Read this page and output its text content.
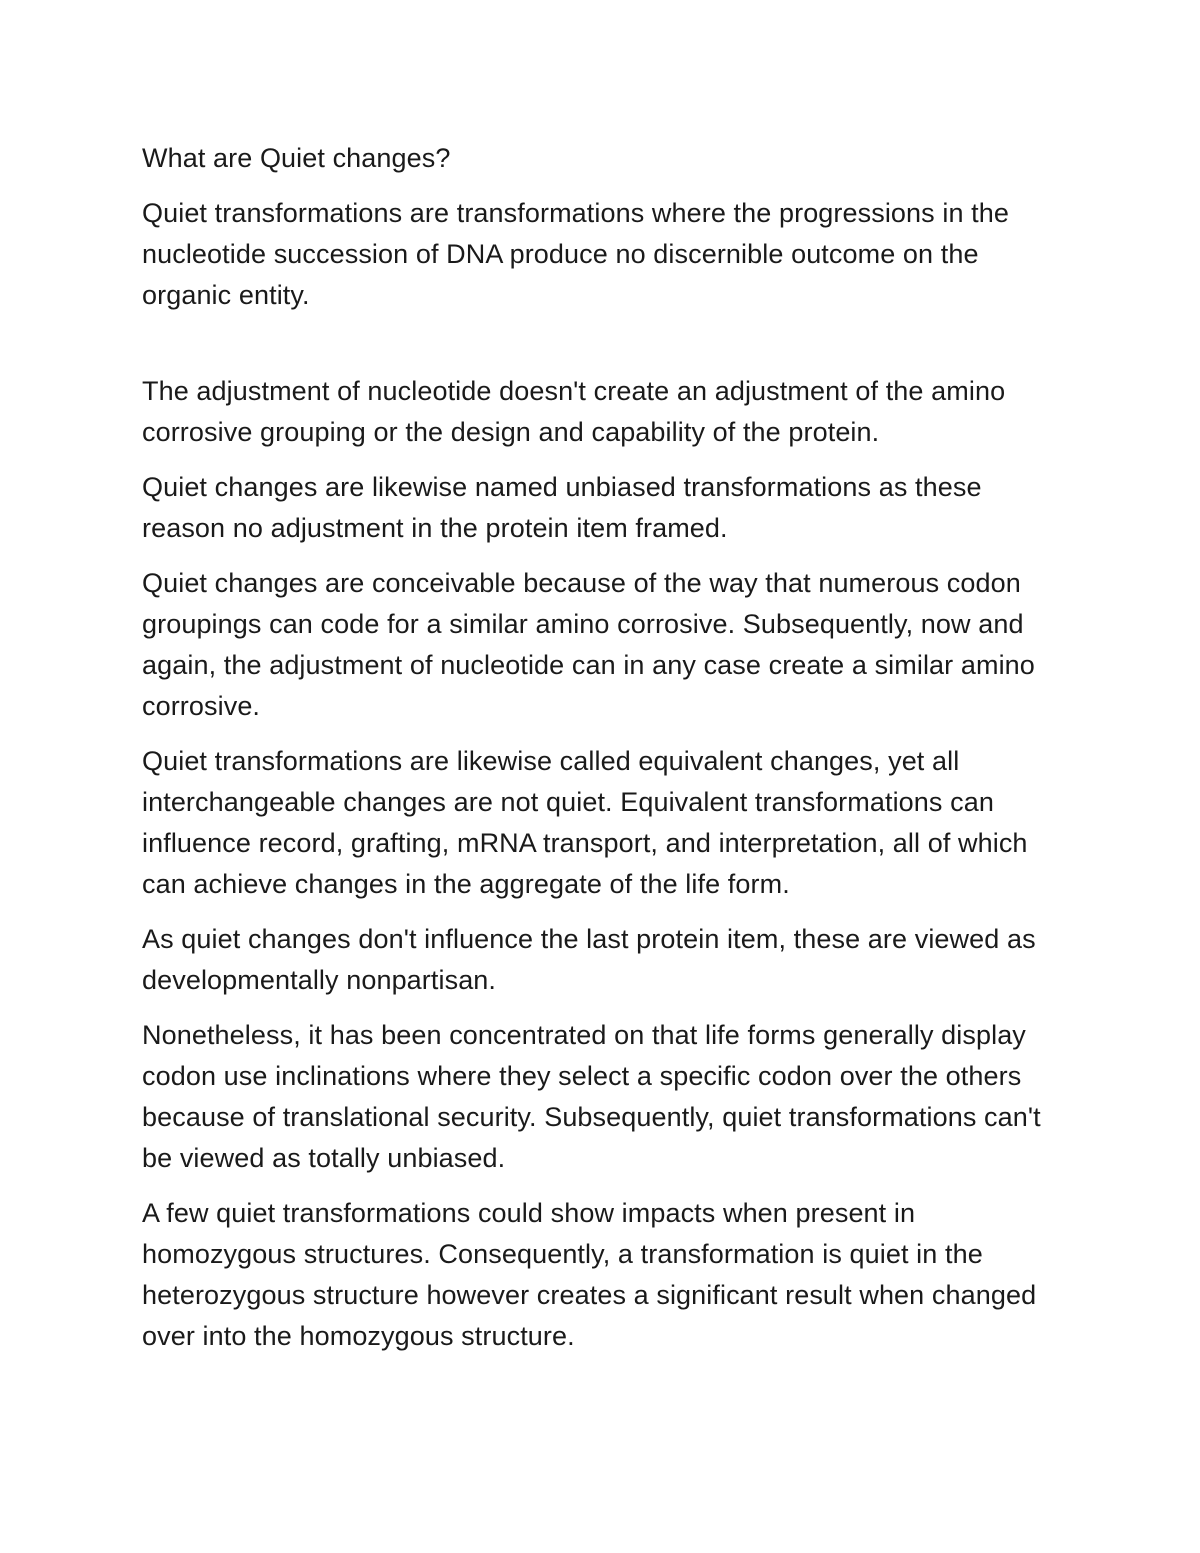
What are Quiet changes?

Quiet transformations are transformations where the progressions in the nucleotide succession of DNA produce no discernible outcome on the organic entity.

The adjustment of nucleotide doesn't create an adjustment of the amino corrosive grouping or the design and capability of the protein.

Quiet changes are likewise named unbiased transformations as these reason no adjustment in the protein item framed.

Quiet changes are conceivable because of the way that numerous codon groupings can code for a similar amino corrosive. Subsequently, now and again, the adjustment of nucleotide can in any case create a similar amino corrosive.

Quiet transformations are likewise called equivalent changes, yet all interchangeable changes are not quiet. Equivalent transformations can influence record, grafting, mRNA transport, and interpretation, all of which can achieve changes in the aggregate of the life form.

As quiet changes don't influence the last protein item, these are viewed as developmentally nonpartisan.

Nonetheless, it has been concentrated on that life forms generally display codon use inclinations where they select a specific codon over the others because of translational security. Subsequently, quiet transformations can't be viewed as totally unbiased.

A few quiet transformations could show impacts when present in homozygous structures. Consequently, a transformation is quiet in the heterozygous structure however creates a significant result when changed over into the homozygous structure.
